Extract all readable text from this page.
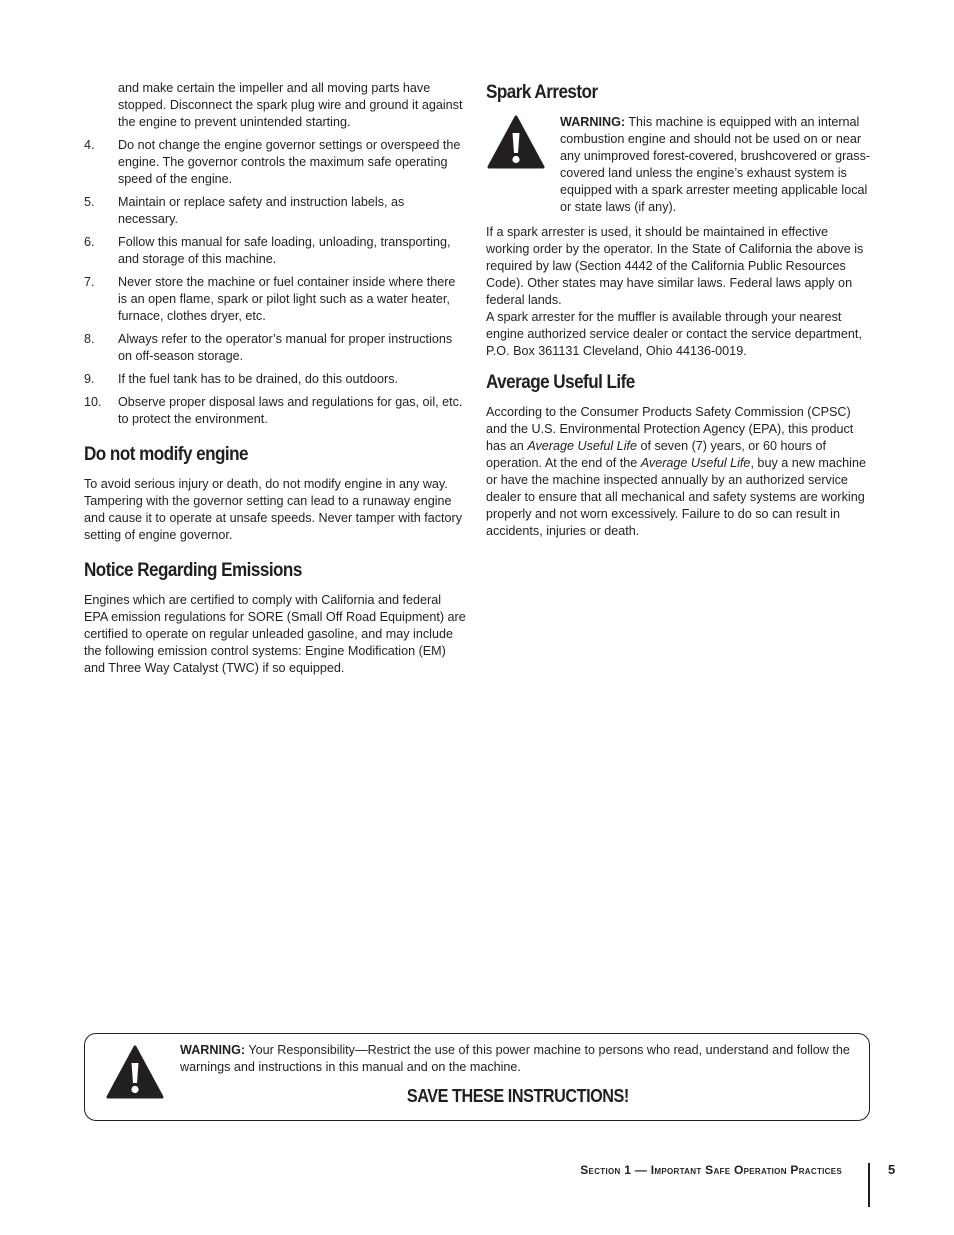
and make certain the impeller and all moving parts have stopped. Disconnect the spark plug wire and ground it against the engine to prevent unintended starting.

4. Do not change the engine governor settings or overspeed the engine. The governor controls the maximum safe operating speed of the engine.
5. Maintain or replace safety and instruction labels, as necessary.
6. Follow this manual for safe loading, unloading, transporting, and storage of this machine.
7. Never store the machine or fuel container inside where there is an open flame, spark or pilot light such as a water heater, furnace, clothes dryer, etc.
8. Always refer to the operator’s manual for proper instructions on off-season storage.
9. If the fuel tank has to be drained, do this outdoors.
10. Observe proper disposal laws and regulations for gas, oil, etc. to protect the environment.
Do not modify engine

To avoid serious injury or death, do not modify engine in any way. Tampering with the governor setting can lead to a runaway engine and cause it to operate at unsafe speeds. Never tamper with factory setting of engine governor.

Notice Regarding Emissions

Engines which are certified to comply with California and federal EPA emission regulations for SORE (Small Off Road Equipment) are certified to operate on regular unleaded gasoline, and may include the following emission control systems: Engine Modification (EM) and Three Way Catalyst (TWC) if so equipped.

Spark Arrestor
WARNING: This machine is equipped with an internal combustion engine and should not be used on or near any unimproved forest-covered, brushcovered or grass-covered land unless the engine’s exhaust system is equipped with a spark arrester meeting applicable local or state laws (if any).

If a spark arrester is used, it should be maintained in effective working order by the operator. In the State of California the above is required by law (Section 4442 of the California Public Resources Code). Other states may have similar laws. Federal laws apply on federal lands.

A spark arrester for the muffler is available through your nearest engine authorized service dealer or contact the service department, P.O. Box 361131 Cleveland, Ohio 44136-0019.

Average Useful Life

According to the Consumer Products Safety Commission (CPSC) and the U.S. Environmental Protection Agency (EPA), this product has an Average Useful Life of seven (7) years, or 60 hours of operation. At the end of the Average Useful Life, buy a new machine or have the machine inspected annually by an authorized service dealer to ensure that all mechanical and safety systems are working properly and not worn excessively. Failure to do so can result in accidents, injuries or death.

WARNING: Your Responsibility—Restrict the use of this power machine to persons who read, understand and follow the warnings and instructions in this manual and on the machine.
SAVE THESE INSTRUCTIONS!
Section 1 — Important Safe Operation Practices	5
